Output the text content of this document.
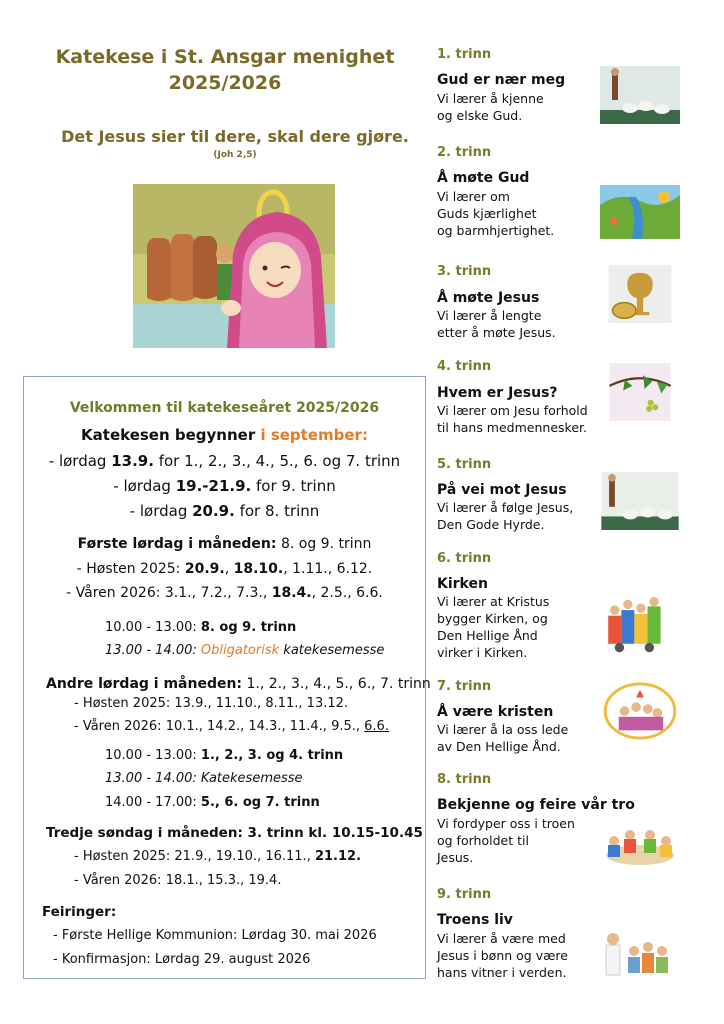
Katekese i St. Ansgar menighet
2025/2026
Det Jesus sier til dere, skal dere gjøre.
(Joh 2,5)
Velkommen til katekeseåret 2025/2026
Katekesen begynner i september:
- lørdag 13.9. for 1., 2., 3., 4., 5., 6. og 7. trinn
- lørdag 19.-21.9. for 9. trinn
- lørdag 20.9. for 8. trinn
Første lørdag i måneden: 8. og 9. trinn
- Høsten 2025: 20.9., 18.10., 1.11., 6.12.
- Våren 2026: 3.1., 7.2., 7.3., 18.4., 2.5., 6.6.
10.00 - 13.00: 8. og 9. trinn
13.00 - 14.00: Obligatorisk katekesemesse
Andre lørdag i måneden: 1., 2., 3., 4., 5., 6., 7. trinn
- Høsten 2025: 13.9., 11.10., 8.11., 13.12.
- Våren 2026: 10.1., 14.2., 14.3., 11.4., 9.5., 6.6.
10.00 - 13.00: 1., 2., 3. og 4. trinn
13.00 - 14.00: Katekesemesse
14.00 - 17.00: 5., 6. og 7. trinn
Tredje søndag i måneden: 3. trinn kl. 10.15-10.45
- Høsten 2025: 21.9., 19.10., 16.11., 21.12.
- Våren 2026: 18.1., 15.3., 19.4.
Feiringer:
- Første Hellige Kommunion: Lørdag 30. mai 2026
- Konfirmasjon: Lørdag 29. august 2026
1. trinn
Gud er nær meg
Vi lærer å kjenne
og elske Gud.
2. trinn
Å møte Gud
Vi lærer om
Guds kjærlighet
og barmhjertighet.
3. trinn
Å møte Jesus
Vi lærer å lengte
etter å møte Jesus.
4. trinn
Hvem er Jesus?
Vi lærer om Jesu forhold
til hans medmennesker.
5. trinn
På vei mot Jesus
Vi lærer å følge Jesus,
Den Gode Hyrde.
6. trinn
Kirken
Vi lærer at Kristus
bygger Kirken, og
Den Hellige Ånd
virker i Kirken.
7. trinn
Å være kristen
Vi lærer å la oss lede
av Den Hellige Ånd.
8. trinn
Bekjenne og feire vår tro
Vi fordyper oss i troen
og forholdet til
Jesus.
9. trinn
Troens liv
Vi lærer å være med
Jesus i bønn og være
hans vitner i verden.
